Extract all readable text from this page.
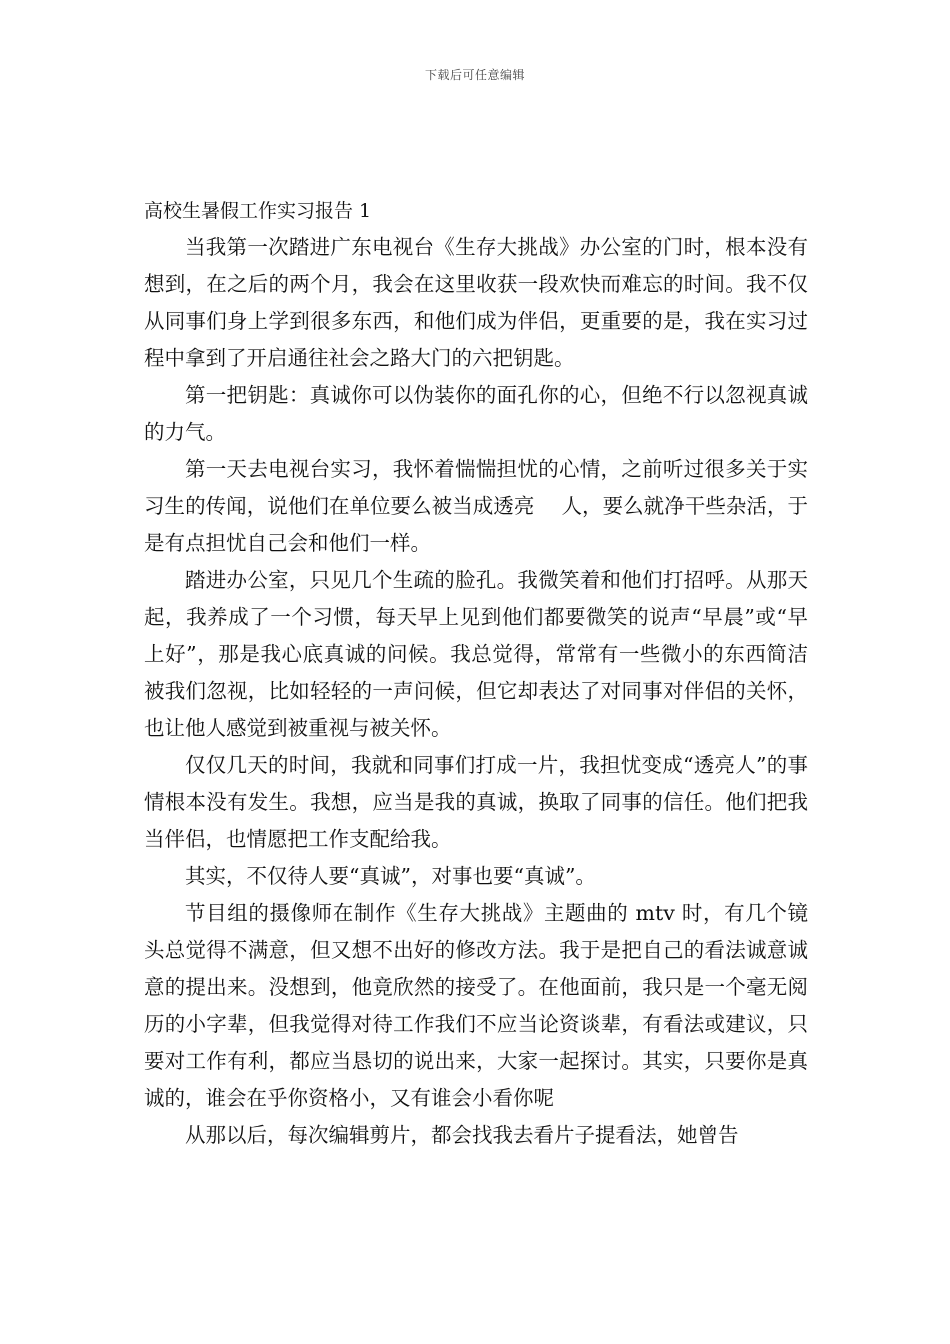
下载后可任意编辑
高校生暑假工作实习报告 1

当我第一次踏进广东电视台《生存大挑战》办公室的门时，根本没有想到，在之后的两个月，我会在这里收获一段欢快而难忘的时间。我不仅从同事们身上学到很多东西，和他们成为伴侣，更重要的是，我在实习过程中拿到了开启通往社会之路大门的六把钥匙。

第一把钥匙：真诚你可以伪装你的面孔你的心，但绝不行以忽视真诚的力气。

第一天去电视台实习，我怀着惴惴担忧的心情，之前听过很多关于实习生的传闻，说他们在单位要么被当成透亮　 人，要么就净干些杂活，于是有点担忧自己会和他们一样。

踏进办公室，只见几个生疏的脸孔。我微笑着和他们打招呼。从那天起，我养成了一个习惯，每天早上见到他们都要微笑的说声“早晨”或“早上好”，那是我心底真诚的问候。我总觉得，常常有一些微小的东西简洁被我们忽视，比如轻轻的一声问候，但它却表达了对同事对伴侣的关怀，也让他人感觉到被重视与被关怀。

仅仅几天的时间，我就和同事们打成一片，我担忧变成“透亮人”的事情根本没有发生。我想，应当是我的真诚，换取了同事的信任。他们把我当伴侣，也情愿把工作支配给我。

其实，不仅待人要“真诚”，对事也要“真诚”。

节目组的摄像师在制作《生存大挑战》主题曲的 mtv 时，有几个镜头总觉得不满意，但又想不出好的修改方法。我于是把自己的看法诚意诚意的提出来。没想到，他竟欣然的接受了。在他面前，我只是一个毫无阅历的小字辈，但我觉得对待工作我们不应当论资谈辈，有看法或建议，只要对工作有利，都应当恳切的说出来，大家一起探讨。其实，只要你是真诚的，谁会在乎你资格小，又有谁会小看你呢

从那以后，每次编辑剪片，都会找我去看片子提看法，她曾告
